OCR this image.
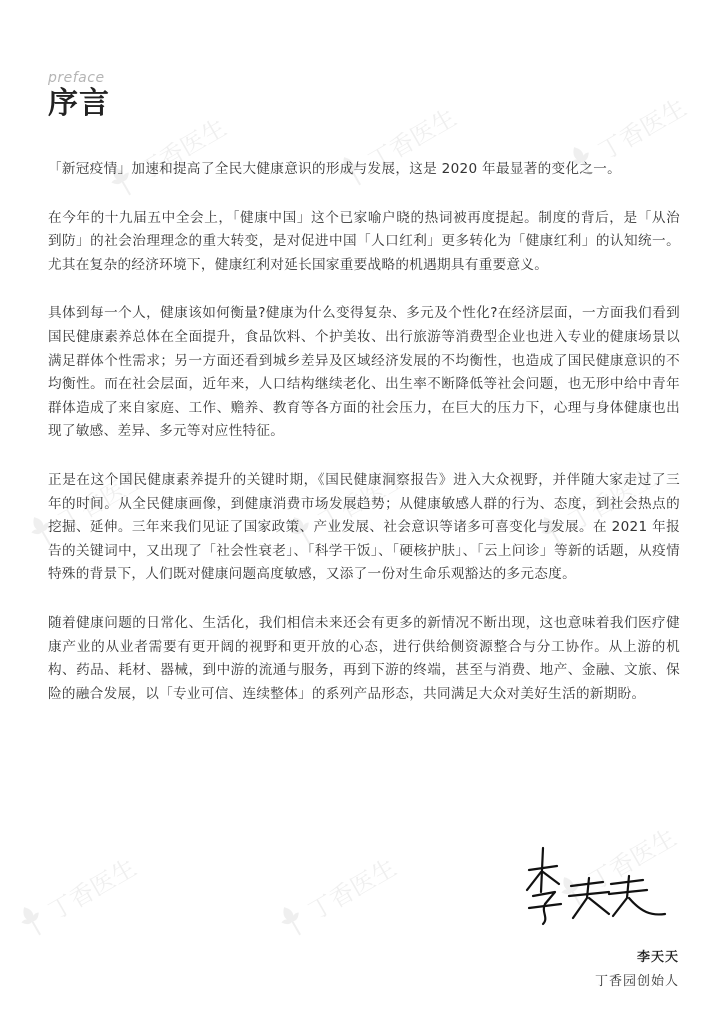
丁香医生	丁香医生	丁香医生
丁香医生	丁香医生	丁香医生
丁香医生	丁香医生	丁香医生

preface

序言

「新冠疫情」加速和提高了全民大健康意识的形成与发展，这是 2020 年最显著的变化之一。

在今年的十九届五中全会上，「健康中国」这个已家喻户晓的热词被再度提起。制度的背后，是「从治到防」的社会治理理念的重大转变，是对促进中国「人口红利」更多转化为「健康红利」的认知统一。尤其在复杂的经济环境下，健康红利对延长国家重要战略的机遇期具有重要意义。

具体到每一个人，健康该如何衡量?健康为什么变得复杂、多元及个性化?在经济层面，一方面我们看到国民健康素养总体在全面提升，食品饮料、个护美妆、出行旅游等消费型企业也进入专业的健康场景以满足群体个性需求；另一方面还看到城乡差异及区域经济发展的不均衡性，也造成了国民健康意识的不均衡性。而在社会层面，近年来，人口结构继续老化、出生率不断降低等社会问题，也无形中给中青年群体造成了来自家庭、工作、赡养、教育等各方面的社会压力，在巨大的压力下，心理与身体健康也出现了敏感、差异、多元等对应性特征。

正是在这个国民健康素养提升的关键时期，《国民健康洞察报告》进入大众视野，并伴随大家走过了三年的时间。从全民健康画像，到健康消费市场发展趋势；从健康敏感人群的行为、态度，到社会热点的挖掘、延伸。三年来我们见证了国家政策、产业发展、社会意识等诸多可喜变化与发展。在 2021 年报告的关键词中，又出现了「社会性衰老」、「科学干饭」、「硬核护肤」、「云上问诊」等新的话题，从疫情特殊的背景下，人们既对健康问题高度敏感，又添了一份对生命乐观豁达的多元态度。

随着健康问题的日常化、生活化，我们相信未来还会有更多的新情况不断出现，这也意味着我们医疗健康产业的从业者需要有更开阔的视野和更开放的心态，进行供给侧资源整合与分工协作。从上游的机构、药品、耗材、器械，到中游的流通与服务，再到下游的终端，甚至与消费、地产、金融、文旅、保险的融合发展，以「专业可信、连续整体」的系列产品形态，共同满足大众对美好生活的新期盼。

李天天

丁香园创始人
